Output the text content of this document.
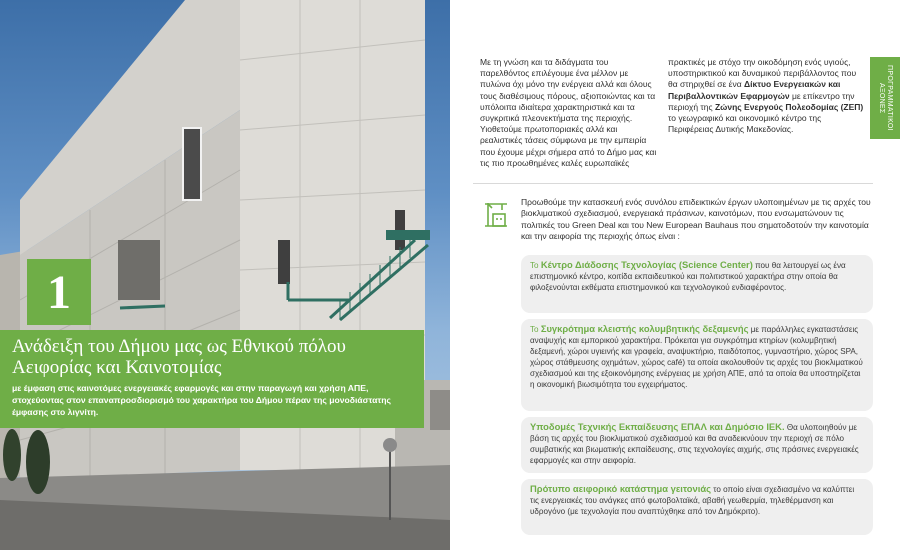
1
Ανάδειξη του Δήμου μας ως Εθνικού πόλου Αειφορίας και Καινοτομίας
με έμφαση στις καινοτόμες ενεργειακές εφαρμογές και στην παραγωγή και χρήση ΑΠΕ, στοχεύοντας στον επαναπροσδιορισμό του χαρακτήρα του Δήμου πέραν της μονοδιάστατης έμφασης στο λιγνίτη.
Με τη γνώση και τα διδάγματα του παρελθόντος επιλέγουμε ένα μέλλον με πυλώνα όχι μόνο την ενέργεια αλλά και όλους τους διαθέσιμους πόρους, αξιοποιώντας και τα υπόλοιπα ιδιαίτερα χαρακτηριστικά και τα συγκριτικά πλεονεκτήματα της περιοχής. Υιοθετούμε πρωτοποριακές αλλά και ρεαλιστικές τάσεις σύμφωνα με την εμπειρία που έχουμε μέχρι σήμερα από το Δήμο μας και τις πιο προωθημένες καλές ευρωπαϊκές
πρακτικές με στόχο την οικοδόμηση ενός υγιούς, υποστηρικτικού και δυναμικού περιβάλλοντος που θα στηριχθεί σε ένα Δίκτυο Ενεργειακών και Περιβαλλοντικών Εφαρμογών με επίκεντρο την περιοχή της Ζώνης Ενεργούς Πολεοδομίας (ΖΕΠ) το γεωγραφικό και οικονομικό κέντρο της Περιφέρειας Δυτικής Μακεδονίας.	ΠΡΟΓΡΑΜΜΑΤΙΚΟΙ ΑΞΟΝΕΣ
Προωθούμε την κατασκευή ενός συνόλου επιδεικτικών έργων υλοποιημένων με τις αρχές του βιοκλιματικού σχεδιασμού, ενεργειακά πράσινων, καινοτόμων, που ενσωματώνουν τις πολιτικές του Green Deal και του New European Bauhaus που σηματοδοτούν την καινοτομία και την αειφορία της περιοχής όπως είναι :
Το Κέντρο Διάδοσης Τεχνολογίας (Science Center) που θα λειτουργεί ως ένα επιστημονικό κέντρο, κοιτίδα εκπαιδευτικού και πολιτιστικού χαρακτήρα στην οποία θα φιλοξενούνται εκθέματα επιστημονικού και τεχνολογικού ενδιαφέροντος.
Το Συγκρότημα κλειστής κολυμβητικής δεξαμενής με παράλληλες εγκαταστάσεις αναψυχής και εμπορικού χαρακτήρα. Πρόκειται για συγκρότημα κτηρίων (κολυμβητική δεξαμενή, χώροι υγιεινής και γραφεία, αναψυκτήριο, παιδότοπος, γυμναστήριο, χώρος SPA, χώρος στάθμευσης οχημάτων, χώρος café) τα οποία ακολουθούν τις αρχές του βιοκλιματικού σχεδιασμού και της εξοικονόμησης ενέργειας με χρήση ΑΠΕ, από τα οποία θα υποστηρίζεται η οικονομική βιωσιμότητα του εγχειρήματος.
Υποδομές Τεχνικής Εκπαίδευσης ΕΠΑΛ και Δημόσιο ΙΕΚ. Θα υλοποιηθούν με βάση τις αρχές του βιοκλιματικού σχεδιασμού και θα αναδεικνύουν την περιοχή σε πόλο συμβατικής και βιωματικής εκπαίδευσης, στις τεχνολογίες αιχμής, στις πράσινες ενεργειακές εφαρμογές και στην αειφορία.
Πρότυπο αειφορικό κατάστημα γειτονιάς το οποίο είναι σχεδιασμένο να καλύπτει τις ενεργειακές του ανάγκες από φωτοβολταϊκά, αβαθή γεωθερμία, τηλεθέρμανση και υδρογόνο (με τεχνολογία που αναπτύχθηκε από τον Δημόκριτο).
